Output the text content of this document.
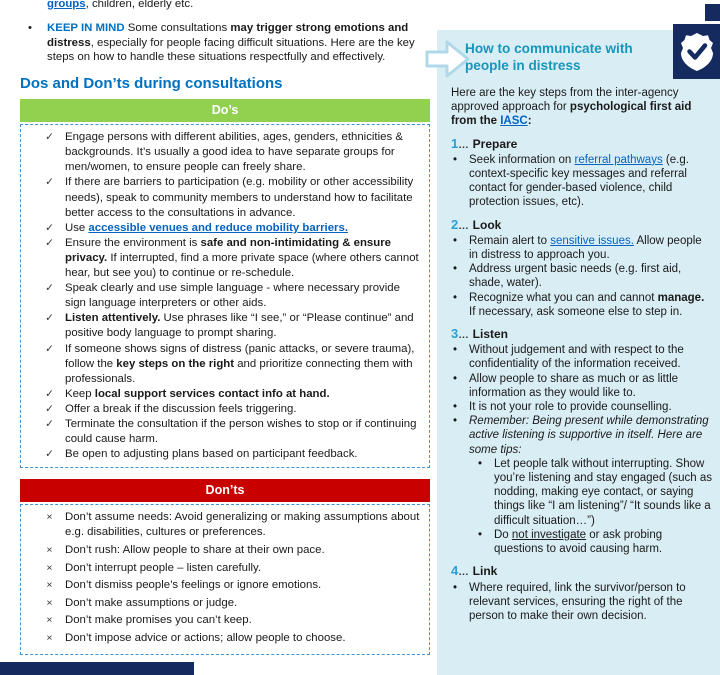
groups, children, elderly etc.
•	KEEP IN MIND Some consultations may trigger strong emotions and distress, especially for people facing difficult situations. Here are the key steps on how to handle these situations respectfully and effectively.
Dos and Don’ts during consultations
Do’s
✓ Engage persons with different abilities, ages, genders, ethnicities & backgrounds. It’s usually a good idea to have separate groups for men/women, to ensure people can freely share.
✓ If there are barriers to participation (e.g. mobility or other accessibility needs), speak to community members to understand how to facilitate better access to the consultations in advance.
✓ Use accessible venues and reduce mobility barriers.
✓ Ensure the environment is safe and non-intimidating & ensure privacy. If interrupted, find a more private space (where others cannot hear, but see you) to continue or re-schedule.
✓ Speak clearly and use simple language - where necessary provide sign language interpreters or other aids.
✓ Listen attentively. Use phrases like “I see,” or “Please continue” and positive body language to prompt sharing.
✓ If someone shows signs of distress (panic attacks, or severe trauma), follow the key steps on the right and prioritize connecting them with professionals.
✓ Keep local support services contact info at hand.
✓ Offer a break if the discussion feels triggering.
✓ Terminate the consultation if the person wishes to stop or if continuing could cause harm.
✓ Be open to adjusting plans based on participant feedback.
Don’ts
×	Don’t assume needs: Avoid generalizing or making assumptions about e.g. disabilities, cultures or preferences.
×	Don’t rush: Allow people to share at their own pace.
×	Don’t interrupt people – listen carefully.
×	Don’t dismiss people’s feelings or ignore emotions.
×	Don’t make assumptions or judge.
×	Don’t make promises you can’t keep.
×	Don’t impose advice or actions; allow people to choose.
How to communicate with people in distress

Here are the key steps from the inter-agency approved approach for psychological first aid from the IASC:

1… Prepare
•	Seek information on referral pathways (e.g. context-specific key messages and referral contact for gender-based violence, child protection issues, etc).
2… Look
•	Remain alert to sensitive issues. Allow people in distress to approach you.
•	Address urgent basic needs (e.g. first aid, shade, water).
•	Recognize what you can and cannot manage. If necessary, ask someone else to step in.
3… Listen
•	Without judgement and with respect to the confidentiality of the information received.
•	Allow people to share as much or as little information as they would like to.
•	It is not your role to provide counselling.
•	Remember: Being present while demonstrating active listening is supportive in itself. Here are some tips:
•	Let people talk without interrupting. Show you’re listening and stay engaged (such as nodding, making eye contact, or saying things like “I am listening”/ “It sounds like a difficult situation…”)
•	Do not investigate or ask probing questions to avoid causing harm.
4… Link
•	Where required, link the survivor/person to relevant services, ensuring the right of the person to make their own decision.
